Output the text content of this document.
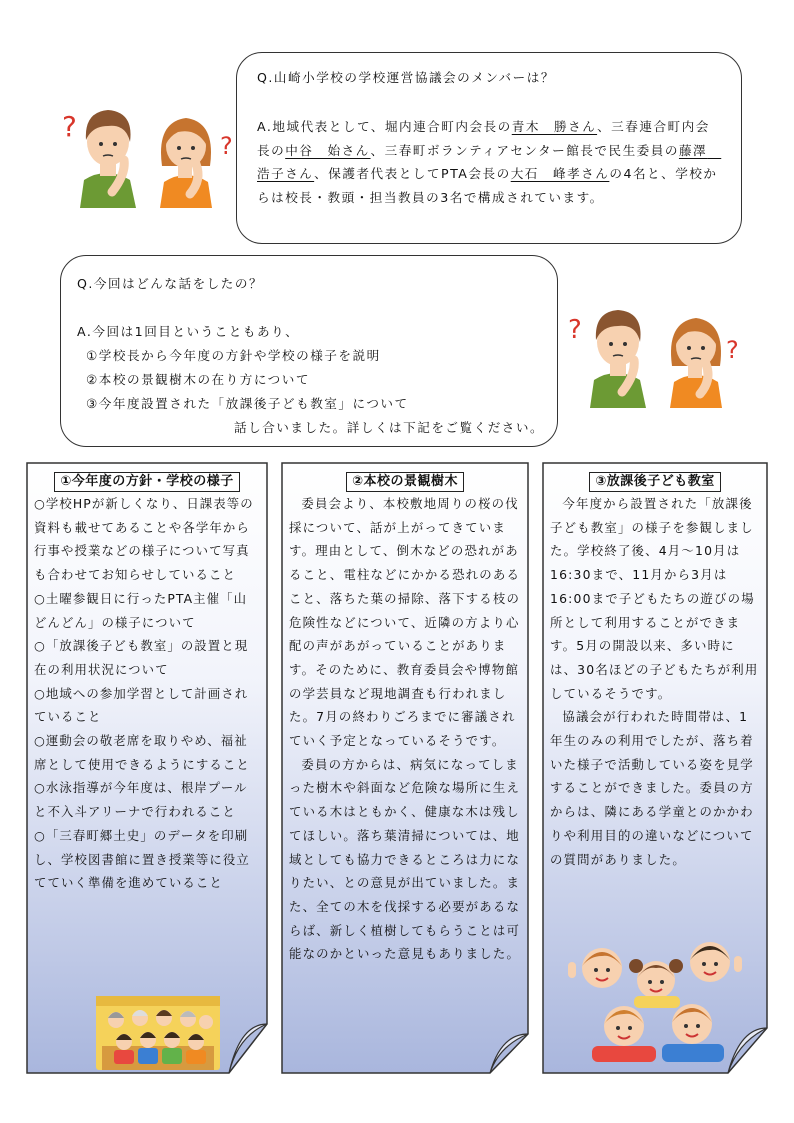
Q.山崎小学校の学校運営協議会のメンバーは？
A.地域代表として、堀内連合町内会長の青木　勝さん、三春連合町内会長の中谷　始さん、三春町ボランティアセンター館長で民生委員の藤澤　浩子さん、保護者代表としてPTA会長の大石　峰孝さんの4名と、学校からは校長・教頭・担当教員の3名で構成されています。
?
?
Q.今回はどんな話をしたの？
A.今回は1回目ということもあり、
①学校長から今年度の方針や学校の様子を説明
②本校の景観樹木の在り方について
③今年度設置された「放課後子ども教室」について
話し合いました。詳しくは下記をご覧ください。
?
?
①今年度の方針・学校の様子

○学校HPが新しくなり、日課表等の資料も載せてあることや各学年から行事や授業などの様子について写真も合わせてお知らせしていること

○土曜参観日に行ったPTA主催「山どんどん」の様子について

○「放課後子ども教室」の設置と現在の利用状況について

○地域への参加学習として計画されていること

○運動会の敬老席を取りやめ、福祉席として使用できるようにすること

○水泳指導が今年度は、根岸プールと不入斗アリーナで行われること

○「三春町郷土史」のデータを印刷し、学校図書館に置き授業等に役立てていく準備を進めていること

②本校の景観樹木

委員会より、本校敷地周りの桜の伐採について、話が上がってきています。理由として、倒木などの恐れがあること、電柱などにかかる恐れのあること、落ちた葉の掃除、落下する枝の危険性などについて、近隣の方より心配の声があがっていることがあります。そのために、教育委員会や博物館の学芸員など現地調査も行われました。7月の終わりごろまでに審議されていく予定となっているそうです。

委員の方からは、病気になってしまった樹木や斜面など危険な場所に生えている木はともかく、健康な木は残してほしい。落ち葉清掃については、地域としても協力できるところは力になりたい、との意見が出ていました。また、全ての木を伐採する必要があるならば、新しく植樹してもらうことは可能なのかといった意見もありました。

③放課後子ども教室

今年度から設置された「放課後子ども教室」の様子を参観しました。学校終了後、4月～10月は16:30まで、11月から3月は16:00まで子どもたちの遊びの場所として利用することができます。5月の開設以来、多い時には、30名ほどの子どもたちが利用しているそうです。

協議会が行われた時間帯は、1年生のみの利用でしたが、落ち着いた様子で活動している姿を見学することができました。委員の方からは、隣にある学童とのかかわりや利用目的の違いなどについての質問がありました。
